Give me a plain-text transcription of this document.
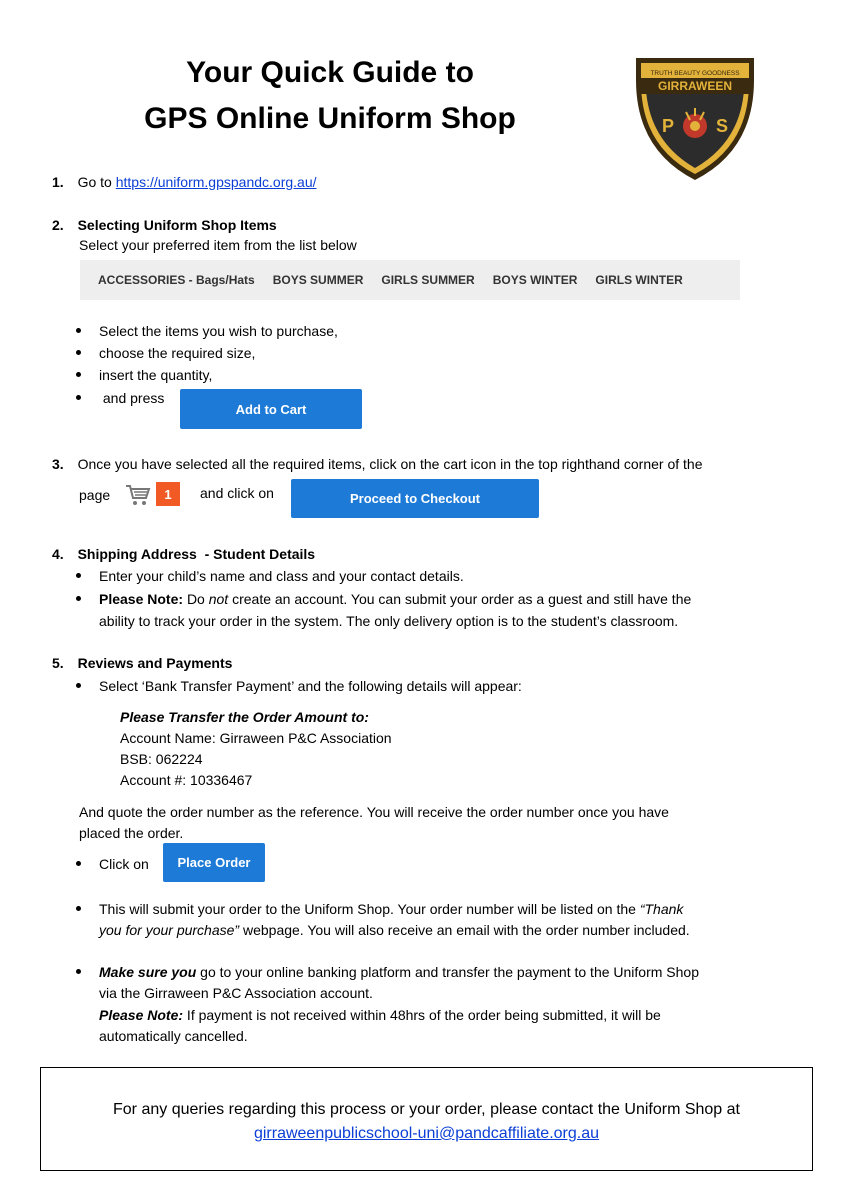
Your Quick Guide to
GPS Online Uniform Shop
GIRRAWEEN
TRUTH BEAUTY GOODNESS
P S
1. Go to https://uniform.gpspandc.org.au/
2. Selecting Uniform Shop Items
Select your preferred item from the list below
ACCESSORIES - Bags/Hats BOYS SUMMER GIRLS SUMMER BOYS WINTER GIRLS WINTER
Select the items you wish to purchase,
choose the required size,
insert the quantity,
and press
Add to Cart
3. Once you have selected all the required items, click on the cart icon in the top righthand corner of the
page	1	and click on	Proceed to Checkout
4. Shipping Address  - Student Details
Enter your child’s name and class and your contact details.
Please Note: Do not create an account. You can submit your order as a guest and still have the
ability to track your order in the system. The only delivery option is to the student’s classroom.
5. Reviews and Payments
Select ‘Bank Transfer Payment’ and the following details will appear:
Please Transfer the Order Amount to:
Account Name: Girraween P&C Association
BSB: 062224
Account #: 10336467
And quote the order number as the reference. You will receive the order number once you have
placed the order.
Click on	Place Order
This will submit your order to the Uniform Shop. Your order number will be listed on the “Thank
you for your purchase” webpage. You will also receive an email with the order number included.
Make sure you go to your online banking platform and transfer the payment to the Uniform Shop
via the Girraween P&C Association account.
Please Note: If payment is not received within 48hrs of the order being submitted, it will be
automatically cancelled.
For any queries regarding this process or your order, please contact the Uniform Shop at
girraweenpublicschool-uni@pandcaffiliate.org.au
